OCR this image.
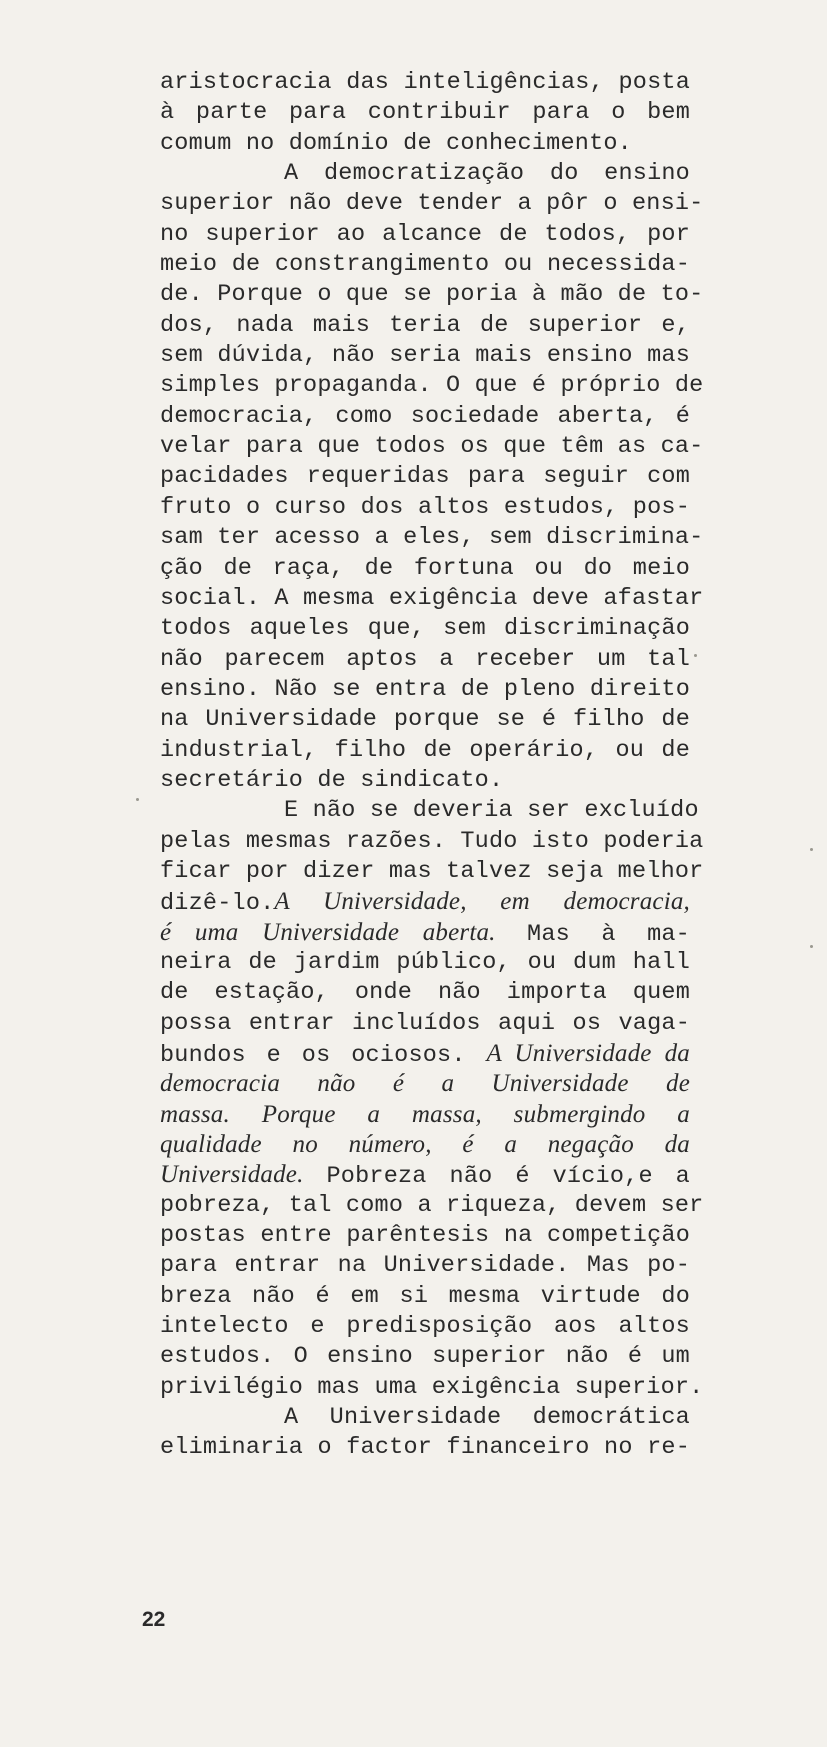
aristocracia das inteligências, posta
à parte para contribuir para o bem
comum no domínio de conhecimento.
A democratização do ensino
superior não deve tender a pôr o ensi-
no superior ao alcance de todos, por
meio de constrangimento ou necessida-
de. Porque o que se poria à mão de to-
dos, nada mais teria de superior e,
sem dúvida, não seria mais ensino mas
simples propaganda. O que é próprio de
democracia, como sociedade aberta, é
velar para que todos os que têm as ca-
pacidades requeridas para seguir com
fruto o curso dos altos estudos, pos-
sam ter acesso a eles, sem discrimina-
ção de raça, de fortuna ou do meio
social. A mesma exigência deve afastar
todos aqueles que, sem discriminação
não parecem aptos a receber um tal
ensino. Não se entra de pleno direito
na Universidade porque se é filho de
industrial, filho de operário, ou de
secretário de sindicato.
E não se deveria ser excluído
pelas mesmas razões. Tudo isto poderia
ficar por dizer mas talvez seja melhor
dizê-lo.A Universidade, em democracia,
é uma Universidade aberta. Mas à ma-
neira de jardim público, ou dum hall
de estação, onde não importa quem
possa entrar incluídos aqui os vaga-
bundos e os ociosos. A Universidade da
democracia não é a Universidade de
massa. Porque a massa, submergindo a
qualidade no número, é a negação da
Universidade. Pobreza não é vício,e a
pobreza, tal como a riqueza, devem ser
postas entre parêntesis na competição
para entrar na Universidade. Mas po-
breza não é em si mesma virtude do
intelecto e predisposição aos altos
estudos. O ensino superior não é um
privilégio mas uma exigência superior.
A Universidade democrática
eliminaria o factor financeiro no re-
22
